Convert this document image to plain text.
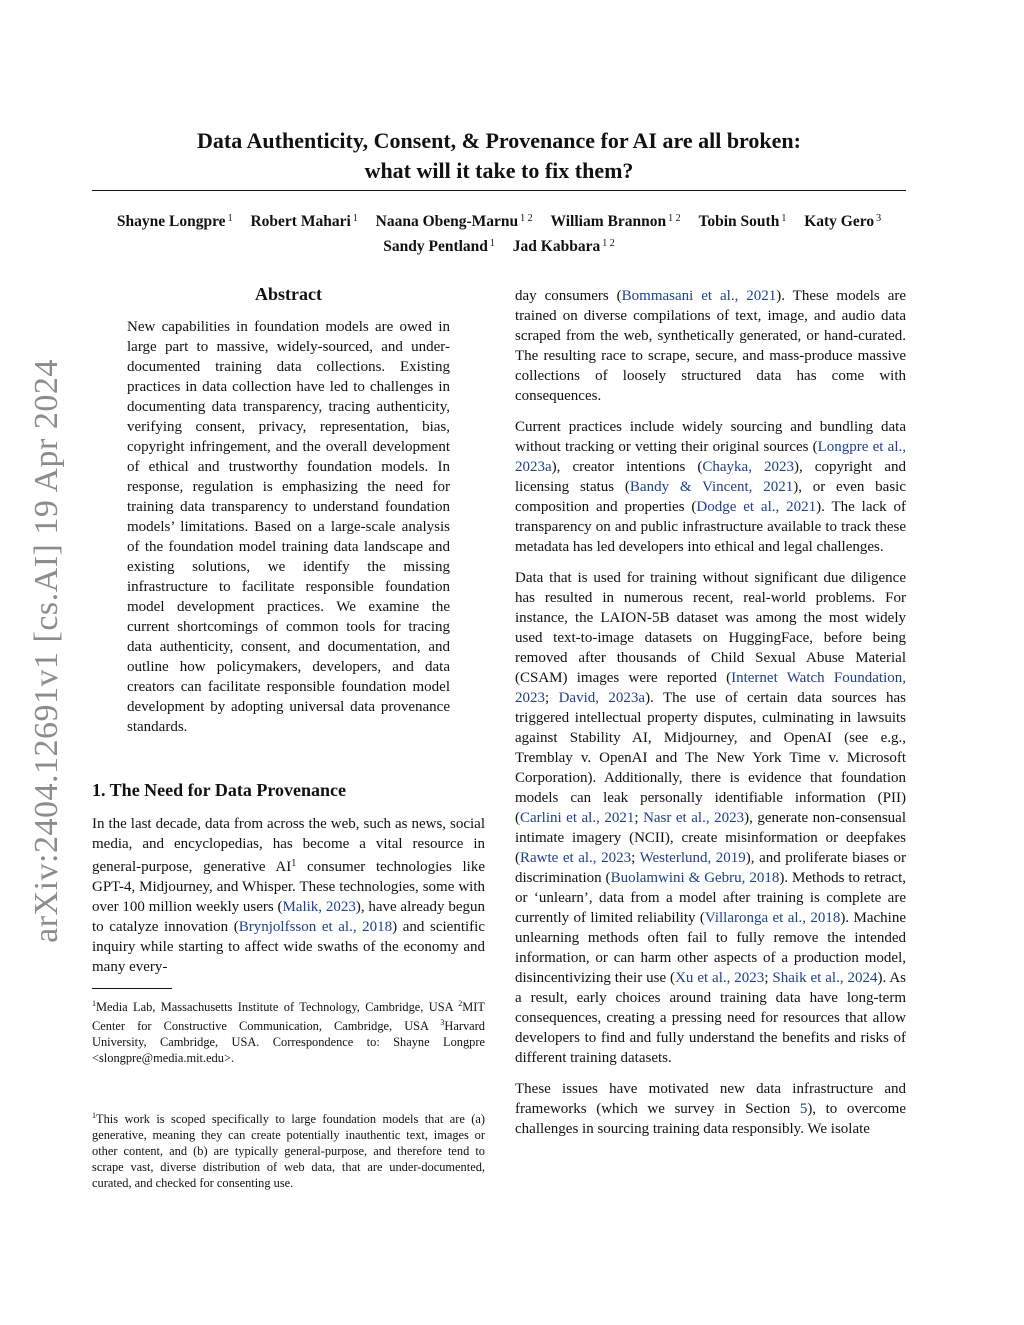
arXiv:2404.12691v1 [cs.AI] 19 Apr 2024
Data Authenticity, Consent, & Provenance for AI are all broken:
what will it take to fix them?
Shayne Longpre $^1$ Robert Mahari $^1$ Naana Obeng-Marnu $^{1 2}$ William Brannon $^{1 2}$ Tobin South $^1$ Katy Gero $^3$
Sandy Pentland $^1$ Jad Kabbara $^{1 2}$
Abstract
New capabilities in foundation models are owed in large part to massive, widely-sourced, and under-documented training data collections. Existing practices in data collection have led to challenges in documenting data transparency, tracing authenticity, verifying consent, privacy, representation, bias, copyright infringement, and the overall development of ethical and trustworthy foundation models. In response, regulation is emphasizing the need for training data transparency to understand foundation models’ limitations. Based on a large-scale analysis of the foundation model training data landscape and existing solutions, we identify the missing infrastructure to facilitate responsible foundation model development practices. We examine the current shortcomings of common tools for tracing data authenticity, consent, and documentation, and outline how policymakers, developers, and data creators can facilitate responsible foundation model development by adopting universal data provenance standards.
1. The Need for Data Provenance

In the last decade, data from across the web, such as news, social media, and encyclopedias, has become a vital resource in general-purpose, generative $AI^1$ consumer technologies like GPT-4, Midjourney, and Whisper. These technologies, some with over 100 million weekly users (Malik, 2023), have already begun to catalyze innovation (Brynjolfsson et al., 2018) and scientific inquiry while starting to affect wide swaths of the economy and many every-

$^1$Media Lab, Massachusetts Institute of Technology, Cambridge, USA $^2$MIT Center for Constructive Communication, Cambridge, USA $^3$Harvard University, Cambridge, USA. Correspondence to: Shayne Longpre <slongpre@media.mit.edu>.

$^1$This work is scoped specifically to large foundation models that are (a) generative, meaning they can create potentially inauthentic text, images or other content, and (b) are typically general-purpose, and therefore tend to scrape vast, diverse distribution of web data, that are under-documented, curated, and checked for consenting use.

day consumers (Bommasani et al., 2021). These models are trained on diverse compilations of text, image, and audio data scraped from the web, synthetically generated, or hand-curated. The resulting race to scrape, secure, and mass-produce massive collections of loosely structured data has come with consequences.

Current practices include widely sourcing and bundling data without tracking or vetting their original sources (Longpre et al., 2023a), creator intentions (Chayka, 2023), copyright and licensing status (Bandy & Vincent, 2021), or even basic composition and properties (Dodge et al., 2021). The lack of transparency on and public infrastructure available to track these metadata has led developers into ethical and legal challenges.

Data that is used for training without significant due diligence has resulted in numerous recent, real-world problems. For instance, the LAION-5B dataset was among the most widely used text-to-image datasets on HuggingFace, before being removed after thousands of Child Sexual Abuse Material (CSAM) images were reported (Internet Watch Foundation, 2023; David, 2023a). The use of certain data sources has triggered intellectual property disputes, culminating in lawsuits against Stability AI, Midjourney, and OpenAI (see e.g., Tremblay v. OpenAI and The New York Time v. Microsoft Corporation). Additionally, there is evidence that foundation models can leak personally identifiable information (PII) (Carlini et al., 2021; Nasr et al., 2023), generate non-consensual intimate imagery (NCII), create misinformation or deepfakes (Rawte et al., 2023; Westerlund, 2019), and proliferate biases or discrimination (Buolamwini & Gebru, 2018). Methods to retract, or ‘unlearn’, data from a model after training is complete are currently of limited reliability (Villaronga et al., 2018). Machine unlearning methods often fail to fully remove the intended information, or can harm other aspects of a production model, disincentivizing their use (Xu et al., 2023; Shaik et al., 2024). As a result, early choices around training data have long-term consequences, creating a pressing need for resources that allow developers to find and fully understand the benefits and risks of different training datasets.

These issues have motivated new data infrastructure and frameworks (which we survey in Section 5), to overcome challenges in sourcing training data responsibly. We isolate
